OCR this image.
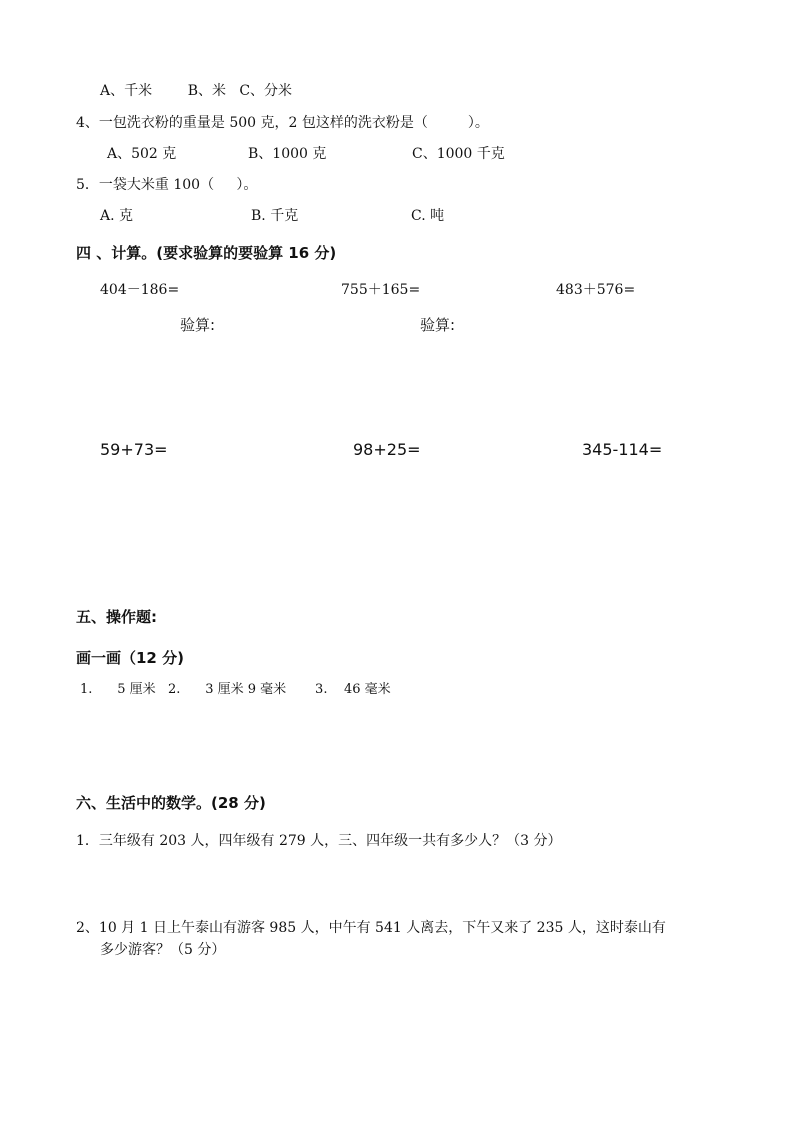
A、千米        B、米   C、分米
4、一包洗衣粉的重量是 500 克，2 包这样的洗衣粉是（         ）。
A、502 克	B、1000 克	C、1000 千克
5．一袋大米重 100（     ）。
A. 克	B. 千克	C. 吨
四 、计算。(要求验算的要验算 16 分)
404－186=	755＋165=	483＋576=
验算:	验算:
59+73=	98+25=	345-114=
五、操作题:
画一画（12 分)
1.      5 厘米   2.      3 厘米 9 毫米       3.    46 毫米
六、生活中的数学。(28 分)
1．三年级有 203 人，四年级有 279 人，三、四年级一共有多少人？（3 分）
2、10 月 1 日上午泰山有游客 985 人，中午有 541 人离去，下午又来了 235 人，这时泰山有
多少游客？（5 分）
